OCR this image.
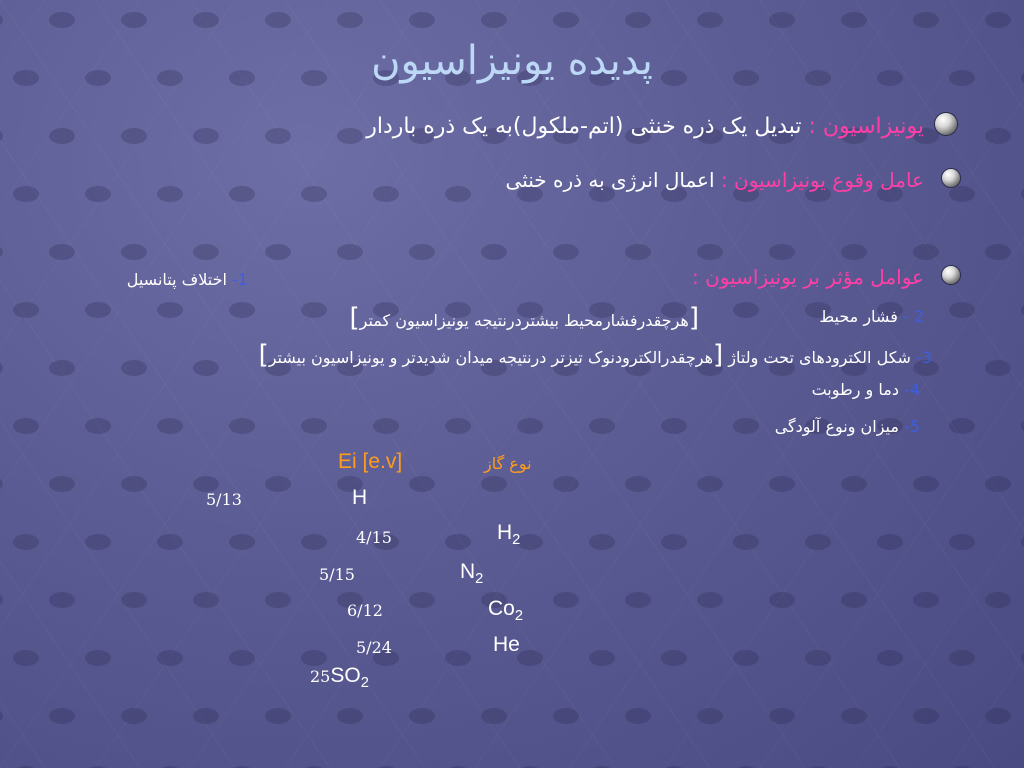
پدیده یونیزاسیون
یونیزاسیون : تبدیل یک ذره خنثی (اتم-ملکول)به یک ذره باردار
عامل وقوع یونیزاسیون : اعمال انرژی به ذره خنثی
عوامل مؤثر بر یونیزاسیون :
1- اختلاف پتانسیل
2 - فشار محیط
[هرچقدرفشارمحیط بیشتردرنتیجه یونیزاسیون کمتر]
3- شکل الکترودهای تحت ولتاژ [هرچقدرالکترودنوک تیزتر درنتیجه میدان شدیدتر و یونیزاسیون بیشتر]
4- دما و رطوبت
5- میزان ونوع آلودگی
Ei [e.v]	نوع گاز
5/13	H
4/15	$H_2$
5/15	$N_2$
6/12	$Co_2$
5/24	He
$25SO_2$
